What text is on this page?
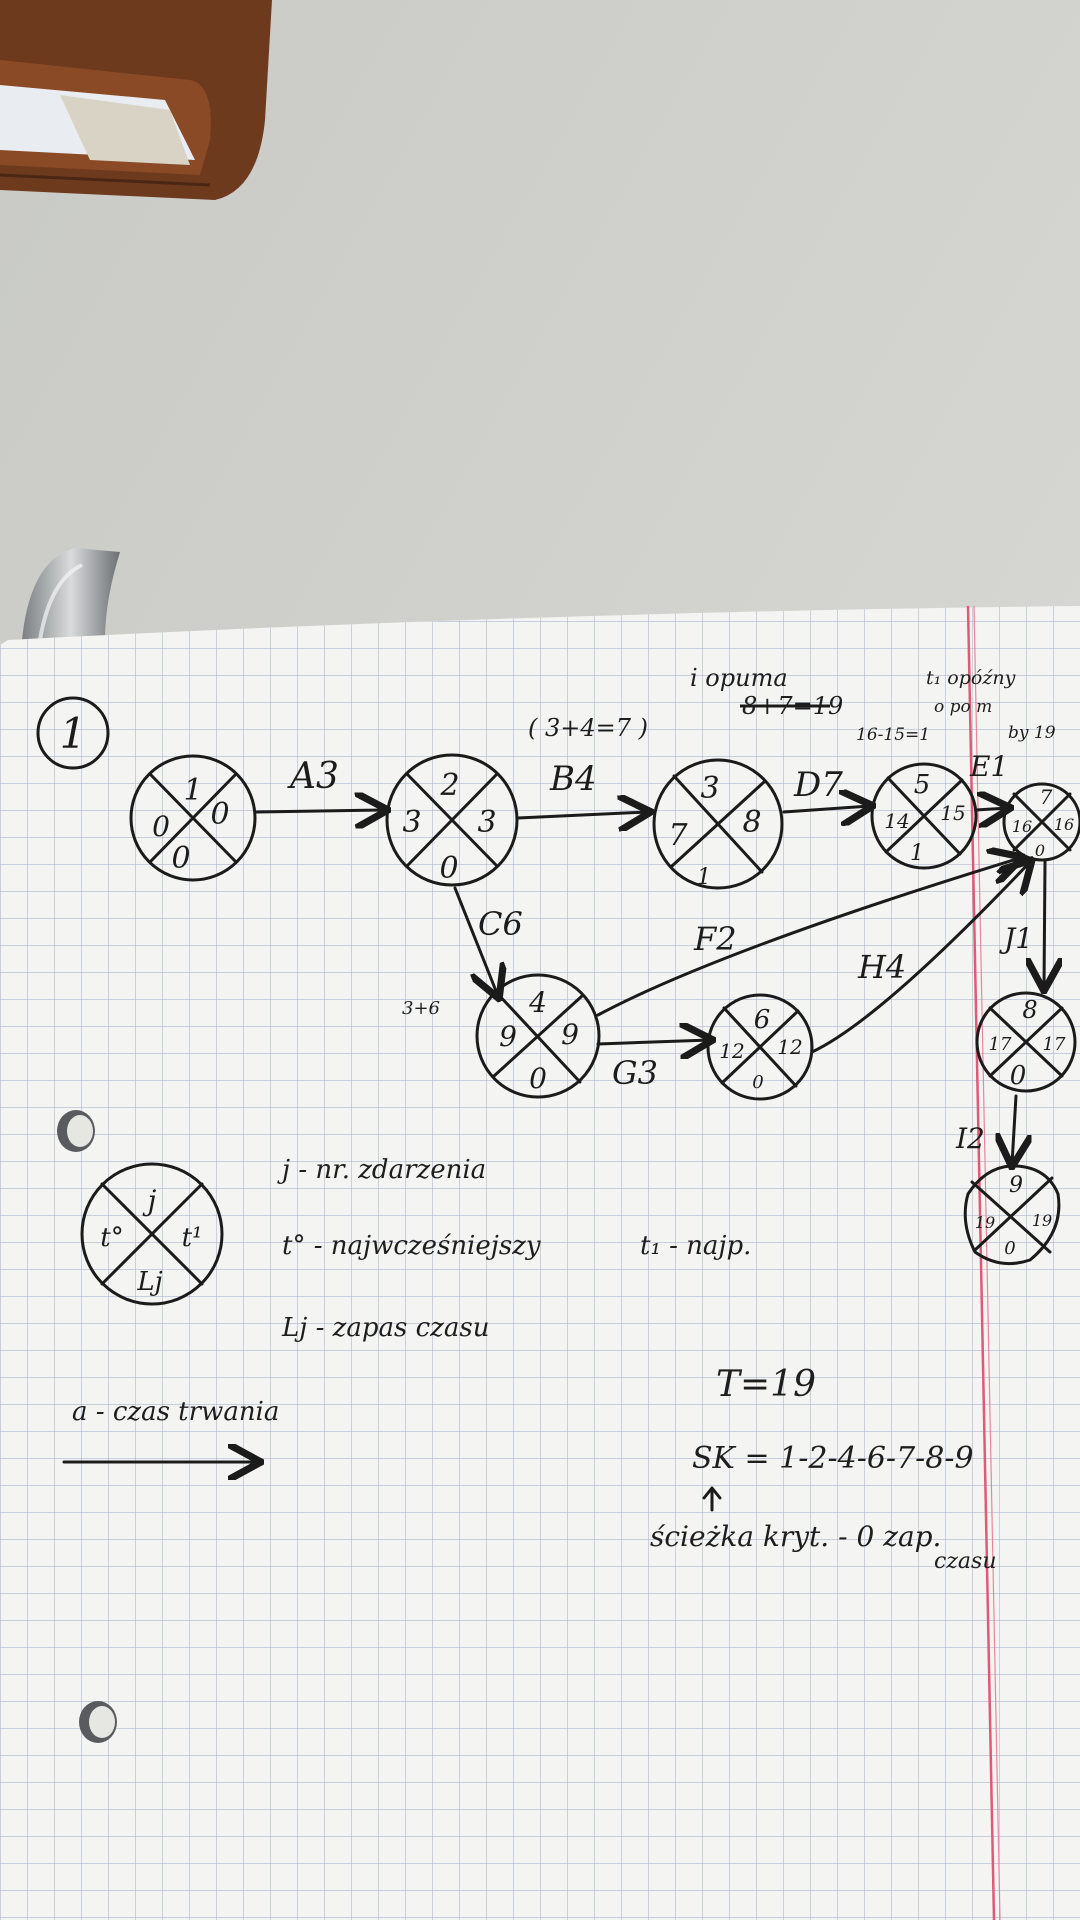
1
1
0 0
0
2
3 3
0
3
7 8
1
5
14 15
1
7
16 16
0
4
9 9
0
6
12 12
0
8
17 17
0
9
19 19
0
A3	B4	D7	E1
C6	F2
H4
G3
J1
I2
( 3+4=7 )
i opuma
8+7=19
t₁ opóźny
o po m
by 19
16-15=1
3+6
j
t° t¹
Lj
j - nr. zdarzenia
t° - najwcześniejszy	t₁ - najp.
Lj - zapas czasu
a - czas trwania
T=19
SK = 1-2-4-6-7-8-9
ścieżka kryt. - 0 zap.
czasu
